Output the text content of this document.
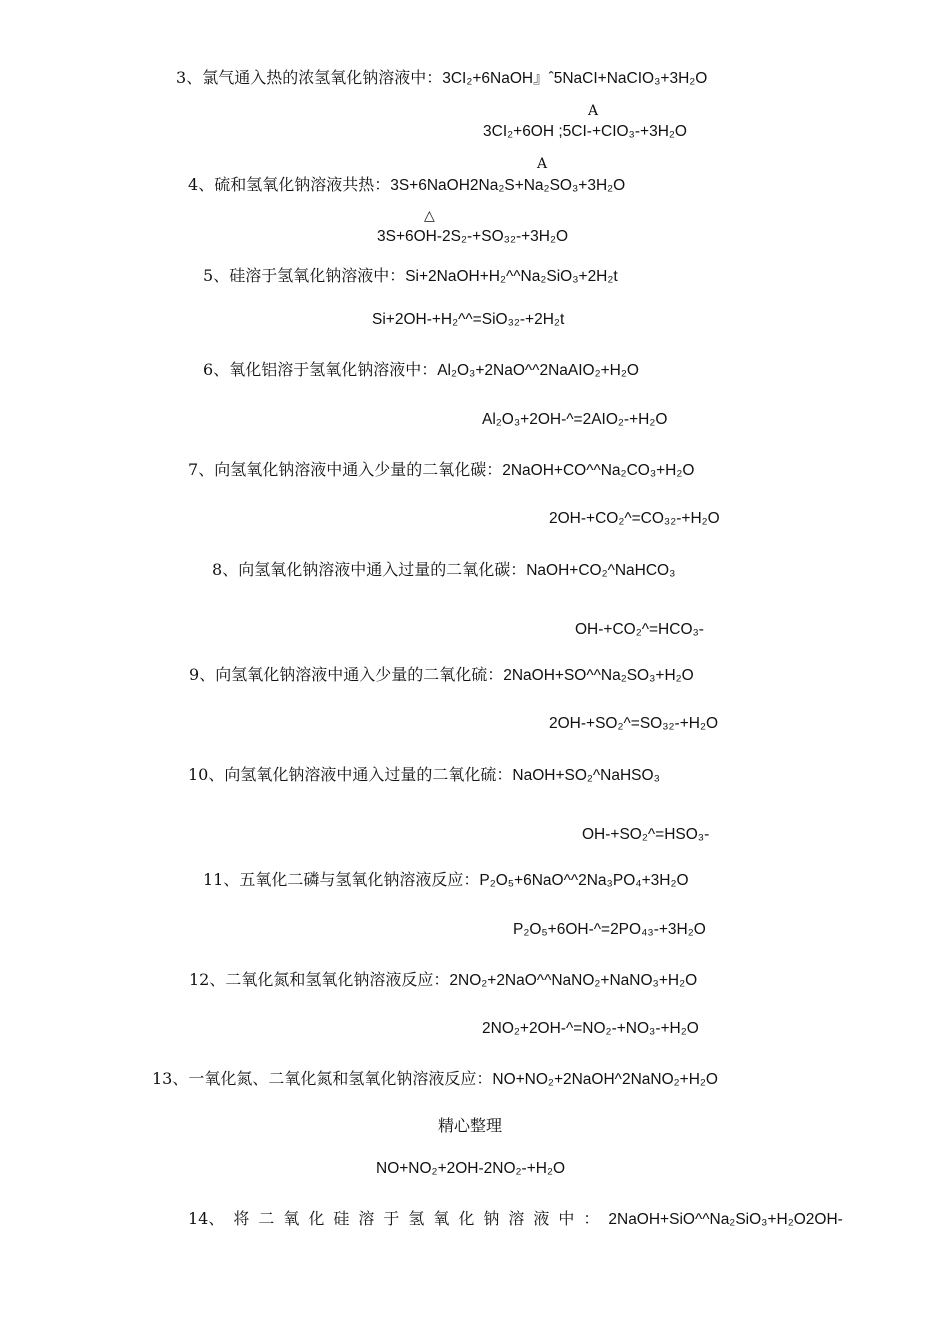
3、氯气通入热的浓氢氧化钠溶液中：3CI₂+6NaOH』ˆ5NaCI+NaCIO₃+3H₂O
A
3CI₂+6OH ;5CI-+CIO₃-+3H₂O
A
4、硫和氢氧化钠溶液共热：3S+6NaOH2Na₂S+Na₂SO₃+3H₂O
△
3S+6OH-2S₂-+SO₃₂-+3H₂O
5、硅溶于氢氧化钠溶液中：Si+2NaOH+H₂^^Na₂SiO₃+2H₂t
Si+2OH-+H₂^^=SiO₃₂-+2H₂t
6、氧化铝溶于氢氧化钠溶液中：Al₂O₃+2NaO^^2NaAIO₂+H₂O
Al₂O₃+2OH-^=2AIO₂-+H₂O
7、向氢氧化钠溶液中通入少量的二氧化碳：2NaOH+CO^^Na₂CO₃+H₂O
2OH-+CO₂^=CO₃₂-+H₂O
8、向氢氧化钠溶液中通入过量的二氧化碳：NaOH+CO₂^NaHCO₃
OH-+CO₂^=HCO₃-
9、向氢氧化钠溶液中通入少量的二氧化硫：2NaOH+SO^^Na₂SO₃+H₂O
2OH-+SO₂^=SO₃₂-+H₂O
10、向氢氧化钠溶液中通入过量的二氧化硫：NaOH+SO₂^NaHSO₃
OH-+SO₂^=HSO₃-
11、五氧化二磷与氢氧化钠溶液反应：P₂O₅+6NaO^^2Na₃PO₄+3H₂O
P₂O₅+6OH-^=2PO₄₃-+3H₂O
12、二氧化氮和氢氧化钠溶液反应：2NO₂+2NaO^^NaNO₂+NaNO₃+H₂O
2NO₂+2OH-^=NO₂-+NO₃-+H₂O
13、一氧化氮、二氧化氮和氢氧化钠溶液反应：NO+NO₂+2NaOH^2NaNO₂+H₂O
精心整理
NO+NO₂+2OH-2NO₂-+H₂O
14、将二氧化硅溶于氢氧化钠溶液中：2NaOH+SiO^^Na₂SiO₃+H₂O2OH-
